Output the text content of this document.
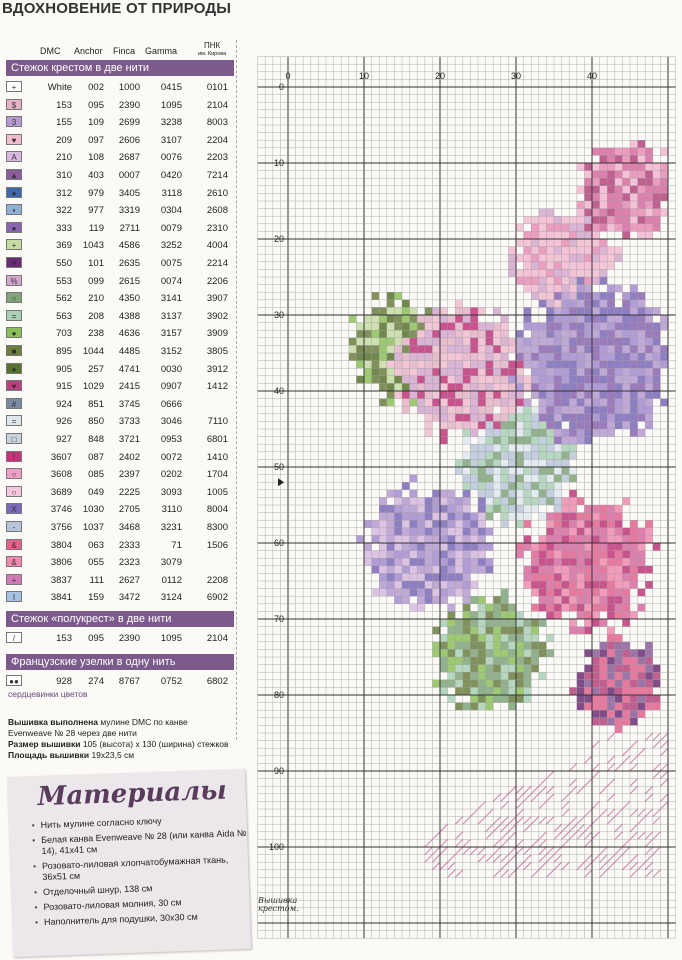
ВДОХНОВЕНИЕ ОТ ПРИРОДЫ
DMC Anchor Finca Gamma
ПНК
им. Кирова
Стежок крестом в две нити
+	White	002	1000	0415	0101
$	153	095	2390	1095	2104
3	155	109	2699	3238	8003
♥	209	097	2606	3107	2204
A	210	108	2687	0076	2203
▲	310	403	0007	0420	7214
●	312	979	3405	3118	2610
▪	322	977	3319	0304	2608
●	333	119	2711	0079	2310
+	369	1043	4586	3252	4004
♥	550	101	2635	0075	2214
%	553	099	2615	0074	2206
○	562	210	4350	3141	3907
=	563	208	4388	3137	3902
●	703	238	4636	3157	3909
■	895	1044	4485	3152	3805
●	905	257	4741	0030	3912
♥	915	1029	2415	0907	1412
#	924	851	3745	0666
=	926	850	3733	3046	7110
□	927	848	3721	0953	6801
!	3607	087	2402	0072	1410
○	3608	085	2397	0202	1704
○	3689	049	2225	3093	1005
X	3746	1030	2705	3110	8004
-	3756	1037	3468	3231	8300
&	3804	063	2333	71	1506
&	3806	055	2323	3079
+	3837	111	2627	0112	2208
I	3841	159	3472	3124	6902
Стежок «полукрест» в две нити
/	153	095	2390	1095	2104
Французские узелки в одну нить
●●	928	274	8767	0752	6802
сердцевинки цветов
Вышивка выполнена мулине DMC по канве Evenweave № 28 через две нити
Размер вышивки 105 (высота) x 130 (ширина) стежков
Площадь вышивки 19x23,5 см
Материалы
• Нить мулине согласно ключу
• Белая канва Evenweave № 28 (или канва Aida № 14), 41x41 см
• Розовато-лиловая хлопчатобумажная ткань, 36x51 см
• Отделочный шнур, 138 см
• Розовато-лиловая молния, 30 см
• Наполнитель для подушки, 30x30 см
0	10	20	30	40
0
10
20
30
40
50
60
70
80
90
100
Вышивка
крестом.
